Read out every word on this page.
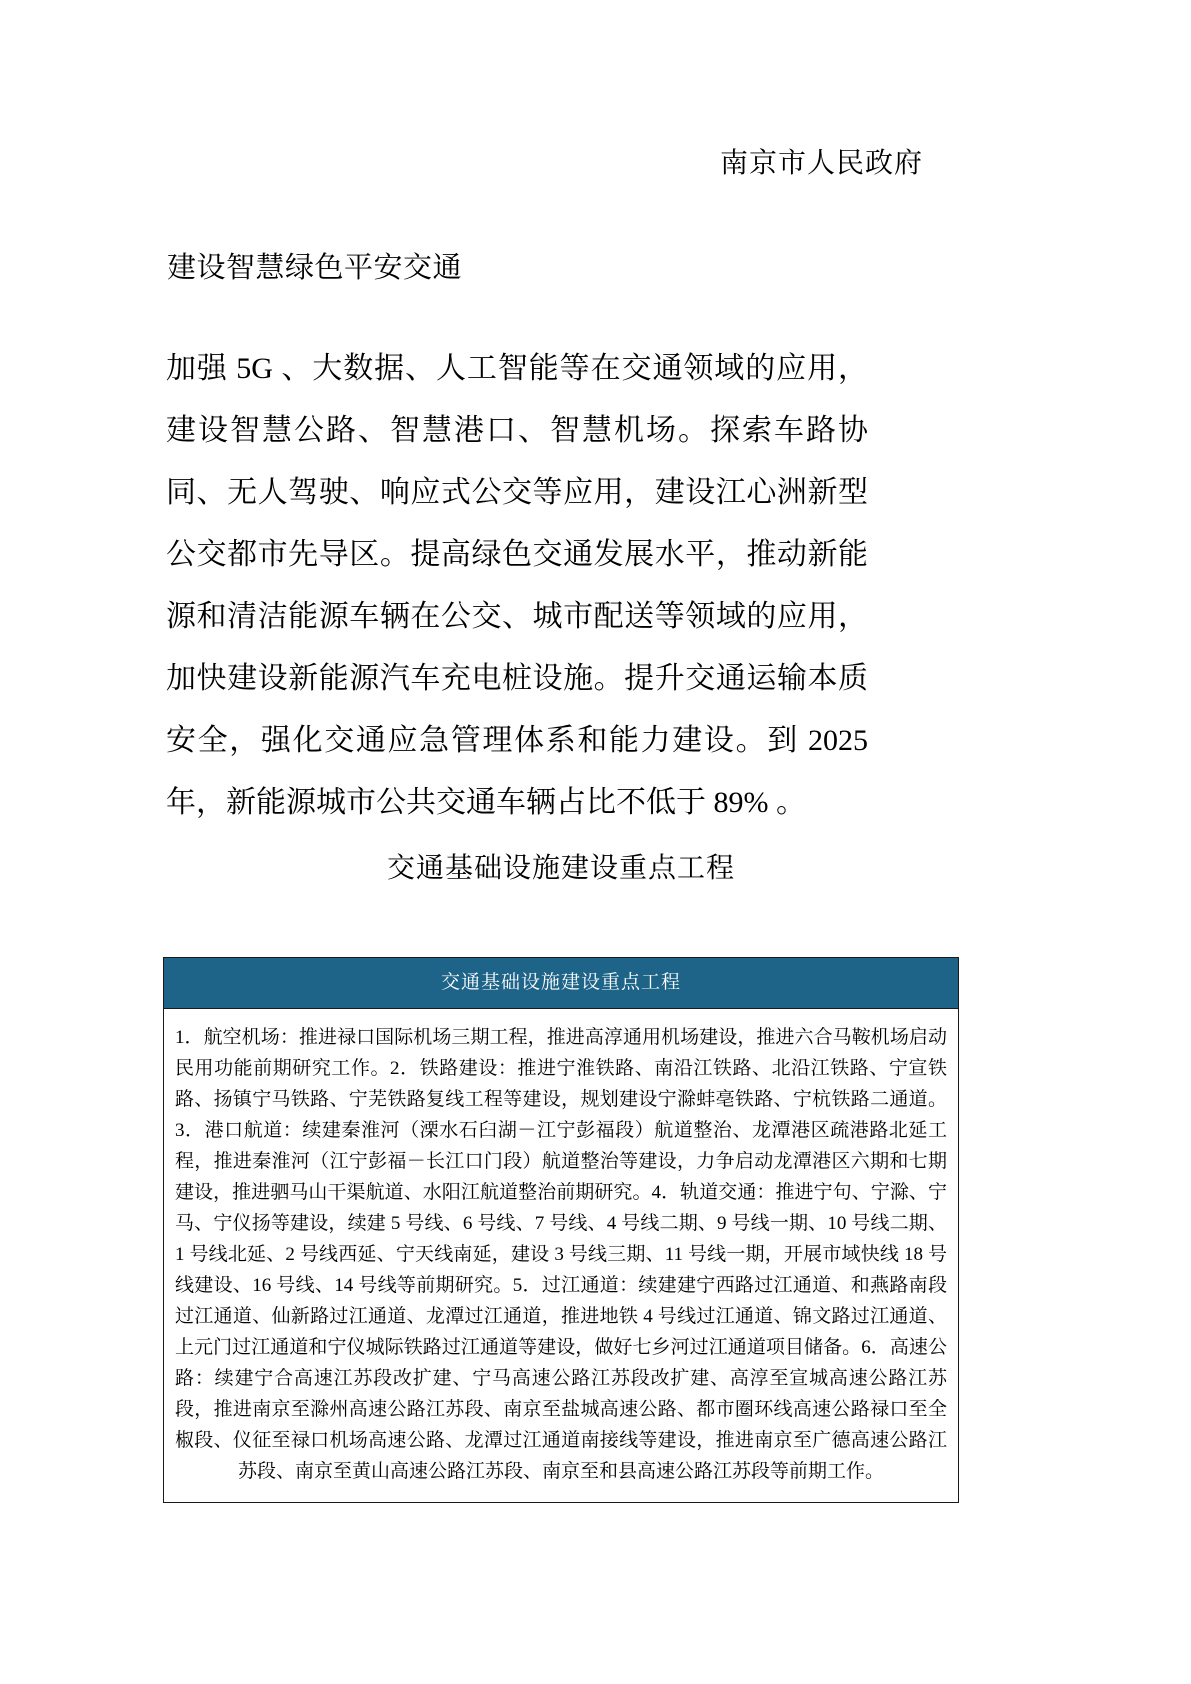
南京市人民政府
建设智慧绿色平安交通
加强 5G 、大数据、人工智能等在交通领域的应用，建设智慧公路、智慧港口、智慧机场。探索车路协同、无人驾驶、响应式公交等应用，建设江心洲新型公交都市先导区。提高绿色交通发展水平，推动新能源和清洁能源车辆在公交、城市配送等领域的应用，加快建设新能源汽车充电桩设施。提升交通运输本质安全，强化交通应急管理体系和能力建设。到 2025 年，新能源城市公共交通车辆占比不低于 89% 。
交通基础设施建设重点工程
交通基础设施建设重点工程
1．航空机场：推进禄口国际机场三期工程，推进高淳通用机场建设，推进六合马鞍机场启动民用功能前期研究工作。2．铁路建设：推进宁淮铁路、南沿江铁路、北沿江铁路、宁宣铁路、扬镇宁马铁路、宁芜铁路复线工程等建设，规划建设宁滁蚌亳铁路、宁杭铁路二通道。3．港口航道：续建秦淮河（溧水石臼湖－江宁彭福段）航道整治、龙潭港区疏港路北延工程，推进秦淮河（江宁彭福－长江口门段）航道整治等建设，力争启动龙潭港区六期和七期建设，推进驷马山干渠航道、水阳江航道整治前期研究。4．轨道交通：推进宁句、宁滁、宁马、宁仪扬等建设，续建 5 号线、6 号线、7 号线、4 号线二期、9 号线一期、10 号线二期、1 号线北延、2 号线西延、宁天线南延，建设 3 号线三期、11 号线一期，开展市域快线 18 号线建设、16 号线、14 号线等前期研究。5．过江通道：续建建宁西路过江通道、和燕路南段过江通道、仙新路过江通道、龙潭过江通道，推进地铁 4 号线过江通道、锦文路过江通道、上元门过江通道和宁仪城际铁路过江通道等建设，做好七乡河过江通道项目储备。6．高速公路：续建宁合高速江苏段改扩建、宁马高速公路江苏段改扩建、高淳至宣城高速公路江苏段，推进南京至滁州高速公路江苏段、南京至盐城高速公路、都市圈环线高速公路禄口至全椒段、仪征至禄口机场高速公路、龙潭过江通道南接线等建设，推进南京至广德高速公路江苏段、南京至黄山高速公路江苏段、南京至和县高速公路江苏段等前期工作。
